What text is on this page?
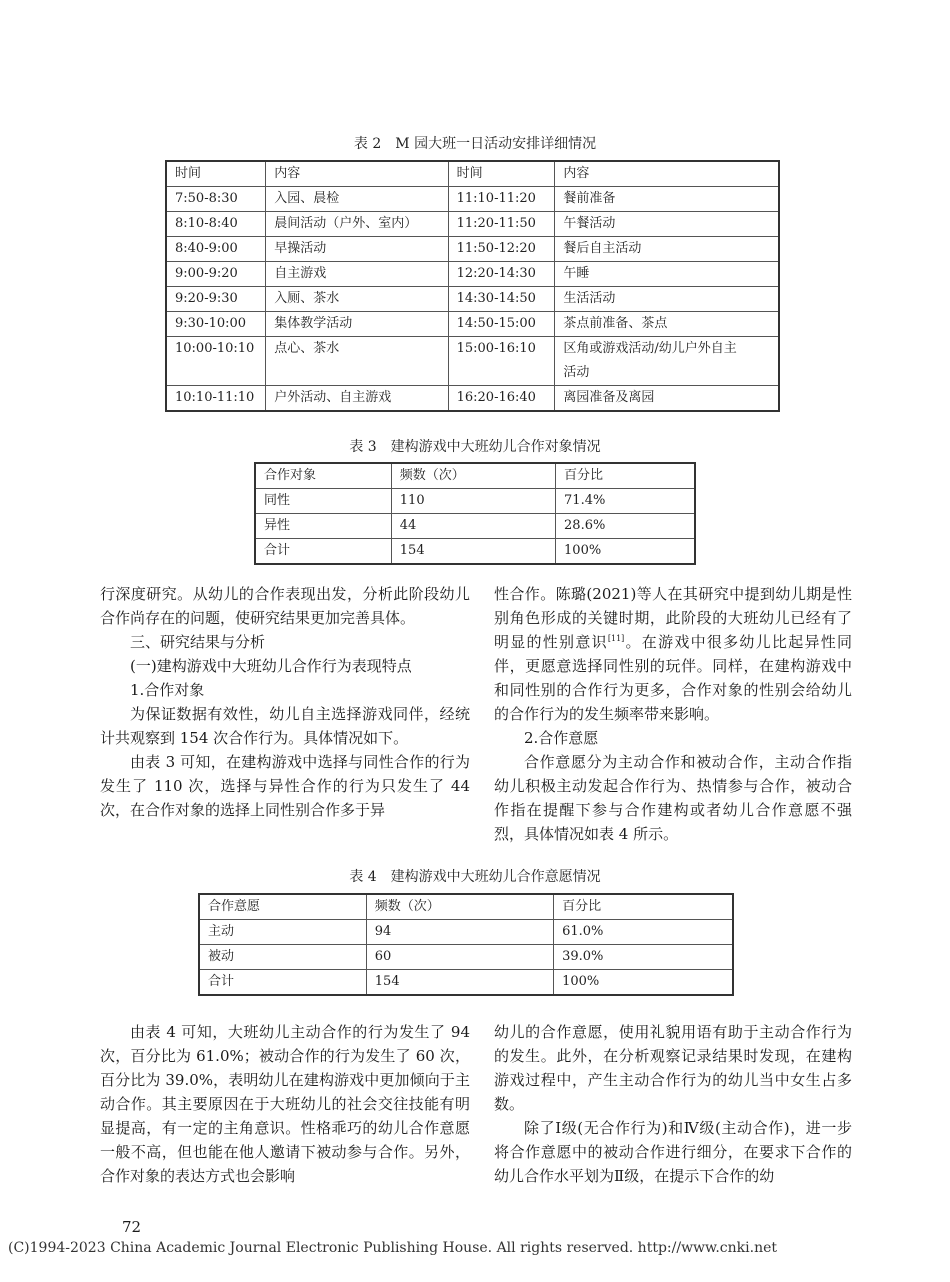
表 2　M 园大班一日活动安排详细情况
时间	内容	时间	内容
7:50-8:30	入园、晨检	11:10-11:20	餐前准备
8:10-8:40	晨间活动（户外、室内）	11:20-11:50	午餐活动
8:40-9:00	早操活动	11:50-12:20	餐后自主活动
9:00-9:20	自主游戏	12:20-14:30	午睡
9:20-9:30	入厕、茶水	14:30-14:50	生活活动
9:30-10:00	集体教学活动	14:50-15:00	茶点前准备、茶点
10:00-10:10	点心、茶水	15:00-16:10	区角或游戏活动/幼儿户外自主
活动
10:10-11:10	户外活动、自主游戏	16:20-16:40	离园准备及离园
表 3　建构游戏中大班幼儿合作对象情况
合作对象	频数（次）	百分比
同性	110	71.4%
异性	44	28.6%
合计	154	100%

行深度研究。从幼儿的合作表现出发，分析此阶段幼儿合作尚存在的问题，使研究结果更加完善具体。

三、研究结果与分析

(一)建构游戏中大班幼儿合作行为表现特点

1.合作对象

为保证数据有效性，幼儿自主选择游戏同伴，经统计共观察到 154 次合作行为。具体情况如下。

由表 3 可知，在建构游戏中选择与同性合作的行为发生了 110 次，选择与异性合作的行为只发生了 44 次，在合作对象的选择上同性别合作多于异

性合作。陈璐(2021)等人在其研究中提到幼儿期是性别角色形成的关键时期，此阶段的大班幼儿已经有了明显的性别意识[11]。在游戏中很多幼儿比起异性同伴，更愿意选择同性别的玩伴。同样，在建构游戏中和同性别的合作行为更多，合作对象的性别会给幼儿的合作行为的发生频率带来影响。

2.合作意愿

合作意愿分为主动合作和被动合作，主动合作指幼儿积极主动发起合作行为、热情参与合作，被动合作指在提醒下参与合作建构或者幼儿合作意愿不强烈，具体情况如表 4 所示。

表 4　建构游戏中大班幼儿合作意愿情况
合作意愿	频数（次）	百分比
主动	94	61.0%
被动	60	39.0%
合计	154	100%

由表 4 可知，大班幼儿主动合作的行为发生了 94 次，百分比为 61.0%；被动合作的行为发生了 60 次，百分比为 39.0%，表明幼儿在建构游戏中更加倾向于主动合作。其主要原因在于大班幼儿的社会交往技能有明显提高，有一定的主角意识。性格乖巧的幼儿合作意愿一般不高，但也能在他人邀请下被动参与合作。另外，合作对象的表达方式也会影响

幼儿的合作意愿，使用礼貌用语有助于主动合作行为的发生。此外，在分析观察记录结果时发现，在建构游戏过程中，产生主动合作行为的幼儿当中女生占多数。

除了Ⅰ级(无合作行为)和Ⅳ级(主动合作)，进一步将合作意愿中的被动合作进行细分，在要求下合作的幼儿合作水平划为Ⅱ级，在提示下合作的幼

72
(C)1994-2023 China Academic Journal Electronic Publishing House. All rights reserved. http://www.cnki.net
